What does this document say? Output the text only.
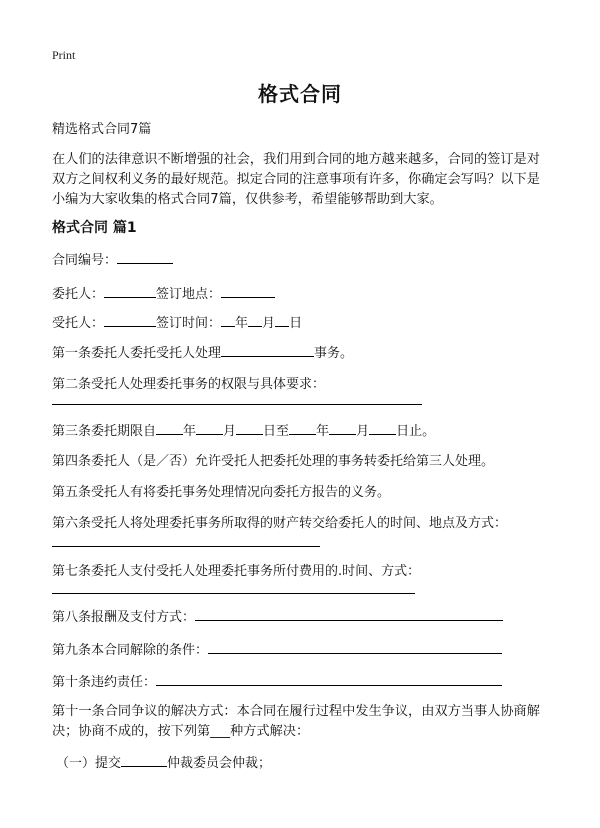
Print
格式合同
精选格式合同7篇
在人们的法律意识不断增强的社会，我们用到合同的地方越来越多，合同的签订是对双方之间权利义务的最好规范。拟定合同的注意事项有许多，你确定会写吗？以下是小编为大家收集的格式合同7篇，仅供参考，希望能够帮助到大家。
格式合同 篇1
合同编号：
委托人：	签订地点：
受托人：	签订时间： 年 月 日
第一条委托人委托受托人处理	事务。
第二条受托人处理委托事务的权限与具体要求：
第三条委托期限自 年 月 日至 年 月 日止。
第四条委托人（是／否）允许受托人把委托处理的事务转委托给第三人处理。
第五条受托人有将委托事务处理情况向委托方报告的义务。
第六条受托人将处理委托事务所取得的财产转交给委托人的时间、地点及方式：
第七条委托人支付受托人处理委托事务所付费用的.时间、方式：
第八条报酬及支付方式：
第九条本合同解除的条件：
第十条违约责任：
第十一条合同争议的解决方式：本合同在履行过程中发生争议，由双方当事人协商解决；协商不成的，按下列第___种方式解决：
（一）提交	仲裁委员会仲裁；
